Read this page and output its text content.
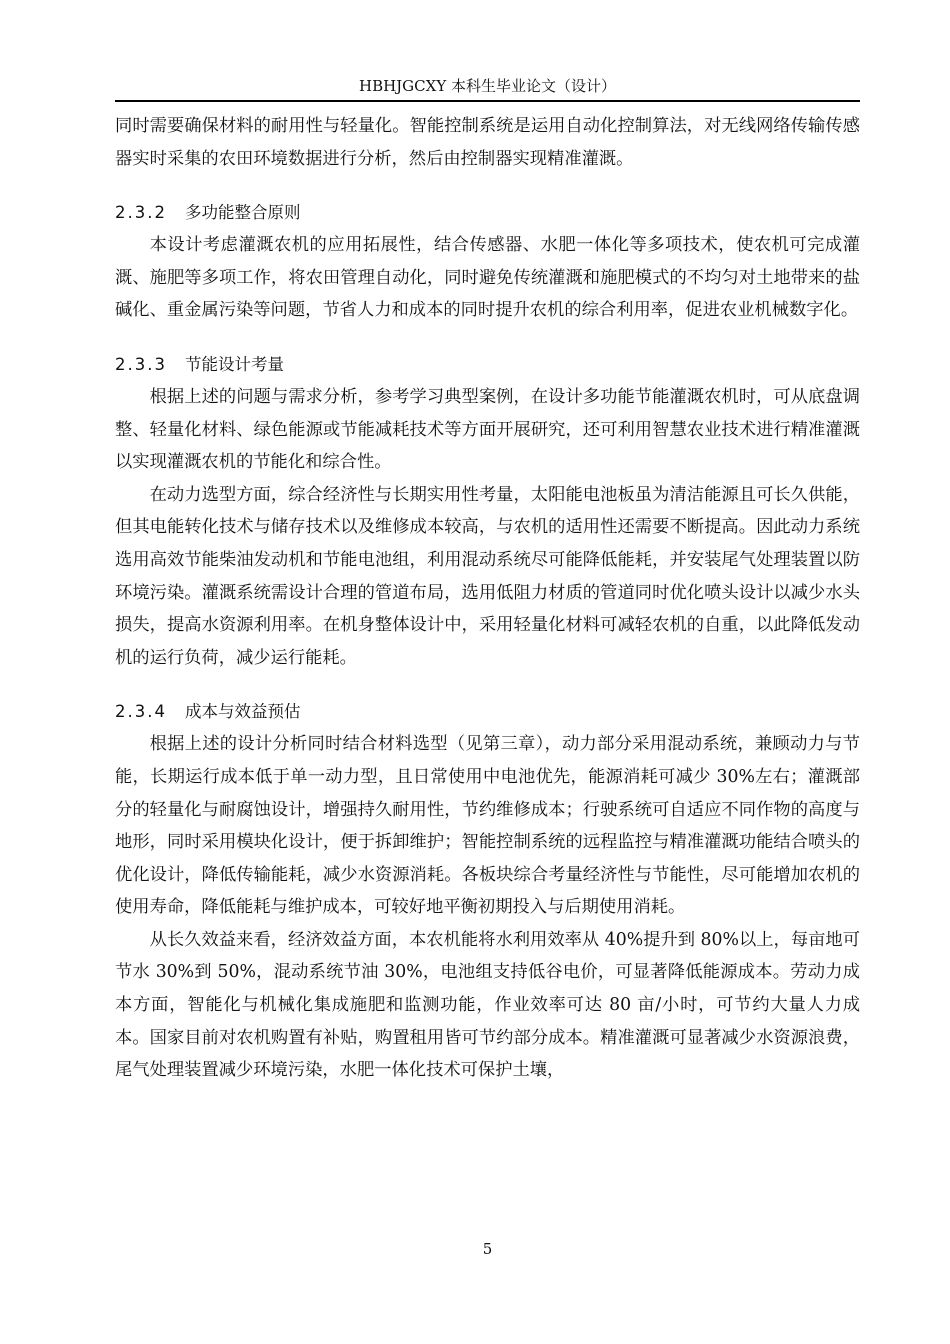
HBHJGCXY 本科生毕业论文（设计）

同时需要确保材料的耐用性与轻量化。智能控制系统是运用自动化控制算法，对无线网络传输传感器实时采集的农田环境数据进行分析，然后由控制器实现精准灌溉。

2.3.2 多功能整合原则

本设计考虑灌溉农机的应用拓展性，结合传感器、水肥一体化等多项技术，使农机可完成灌溉、施肥等多项工作，将农田管理自动化，同时避免传统灌溉和施肥模式的不均匀对土地带来的盐碱化、重金属污染等问题，节省人力和成本的同时提升农机的综合利用率，促进农业机械数字化。

2.3.3 节能设计考量

根据上述的问题与需求分析，参考学习典型案例，在设计多功能节能灌溉农机时，可从底盘调整、轻量化材料、绿色能源或节能减耗技术等方面开展研究，还可利用智慧农业技术进行精准灌溉以实现灌溉农机的节能化和综合性。

在动力选型方面，综合经济性与长期实用性考量，太阳能电池板虽为清洁能源且可长久供能，但其电能转化技术与储存技术以及维修成本较高，与农机的适用性还需要不断提高。因此动力系统选用高效节能柴油发动机和节能电池组，利用混动系统尽可能降低能耗，并安装尾气处理装置以防环境污染。灌溉系统需设计合理的管道布局，选用低阻力材质的管道同时优化喷头设计以减少水头损失，提高水资源利用率。在机身整体设计中，采用轻量化材料可减轻农机的自重，以此降低发动机的运行负荷，减少运行能耗。

2.3.4 成本与效益预估

根据上述的设计分析同时结合材料选型（见第三章），动力部分采用混动系统，兼顾动力与节能，长期运行成本低于单一动力型，且日常使用中电池优先，能源消耗可减少 30%左右；灌溉部分的轻量化与耐腐蚀设计，增强持久耐用性，节约维修成本；行驶系统可自适应不同作物的高度与地形，同时采用模块化设计，便于拆卸维护；智能控制系统的远程监控与精准灌溉功能结合喷头的优化设计，降低传输能耗，减少水资源消耗。各板块综合考量经济性与节能性，尽可能增加农机的使用寿命，降低能耗与维护成本，可较好地平衡初期投入与后期使用消耗。

从长久效益来看，经济效益方面，本农机能将水利用效率从 40%提升到 80%以上，每亩地可节水 30%到 50%，混动系统节油 30%，电池组支持低谷电价，可显著降低能源成本。劳动力成本方面，智能化与机械化集成施肥和监测功能，作业效率可达 80 亩/小时，可节约大量人力成本。国家目前对农机购置有补贴，购置租用皆可节约部分成本。精准灌溉可显著减少水资源浪费，尾气处理装置减少环境污染，水肥一体化技术可保护土壤，

5
